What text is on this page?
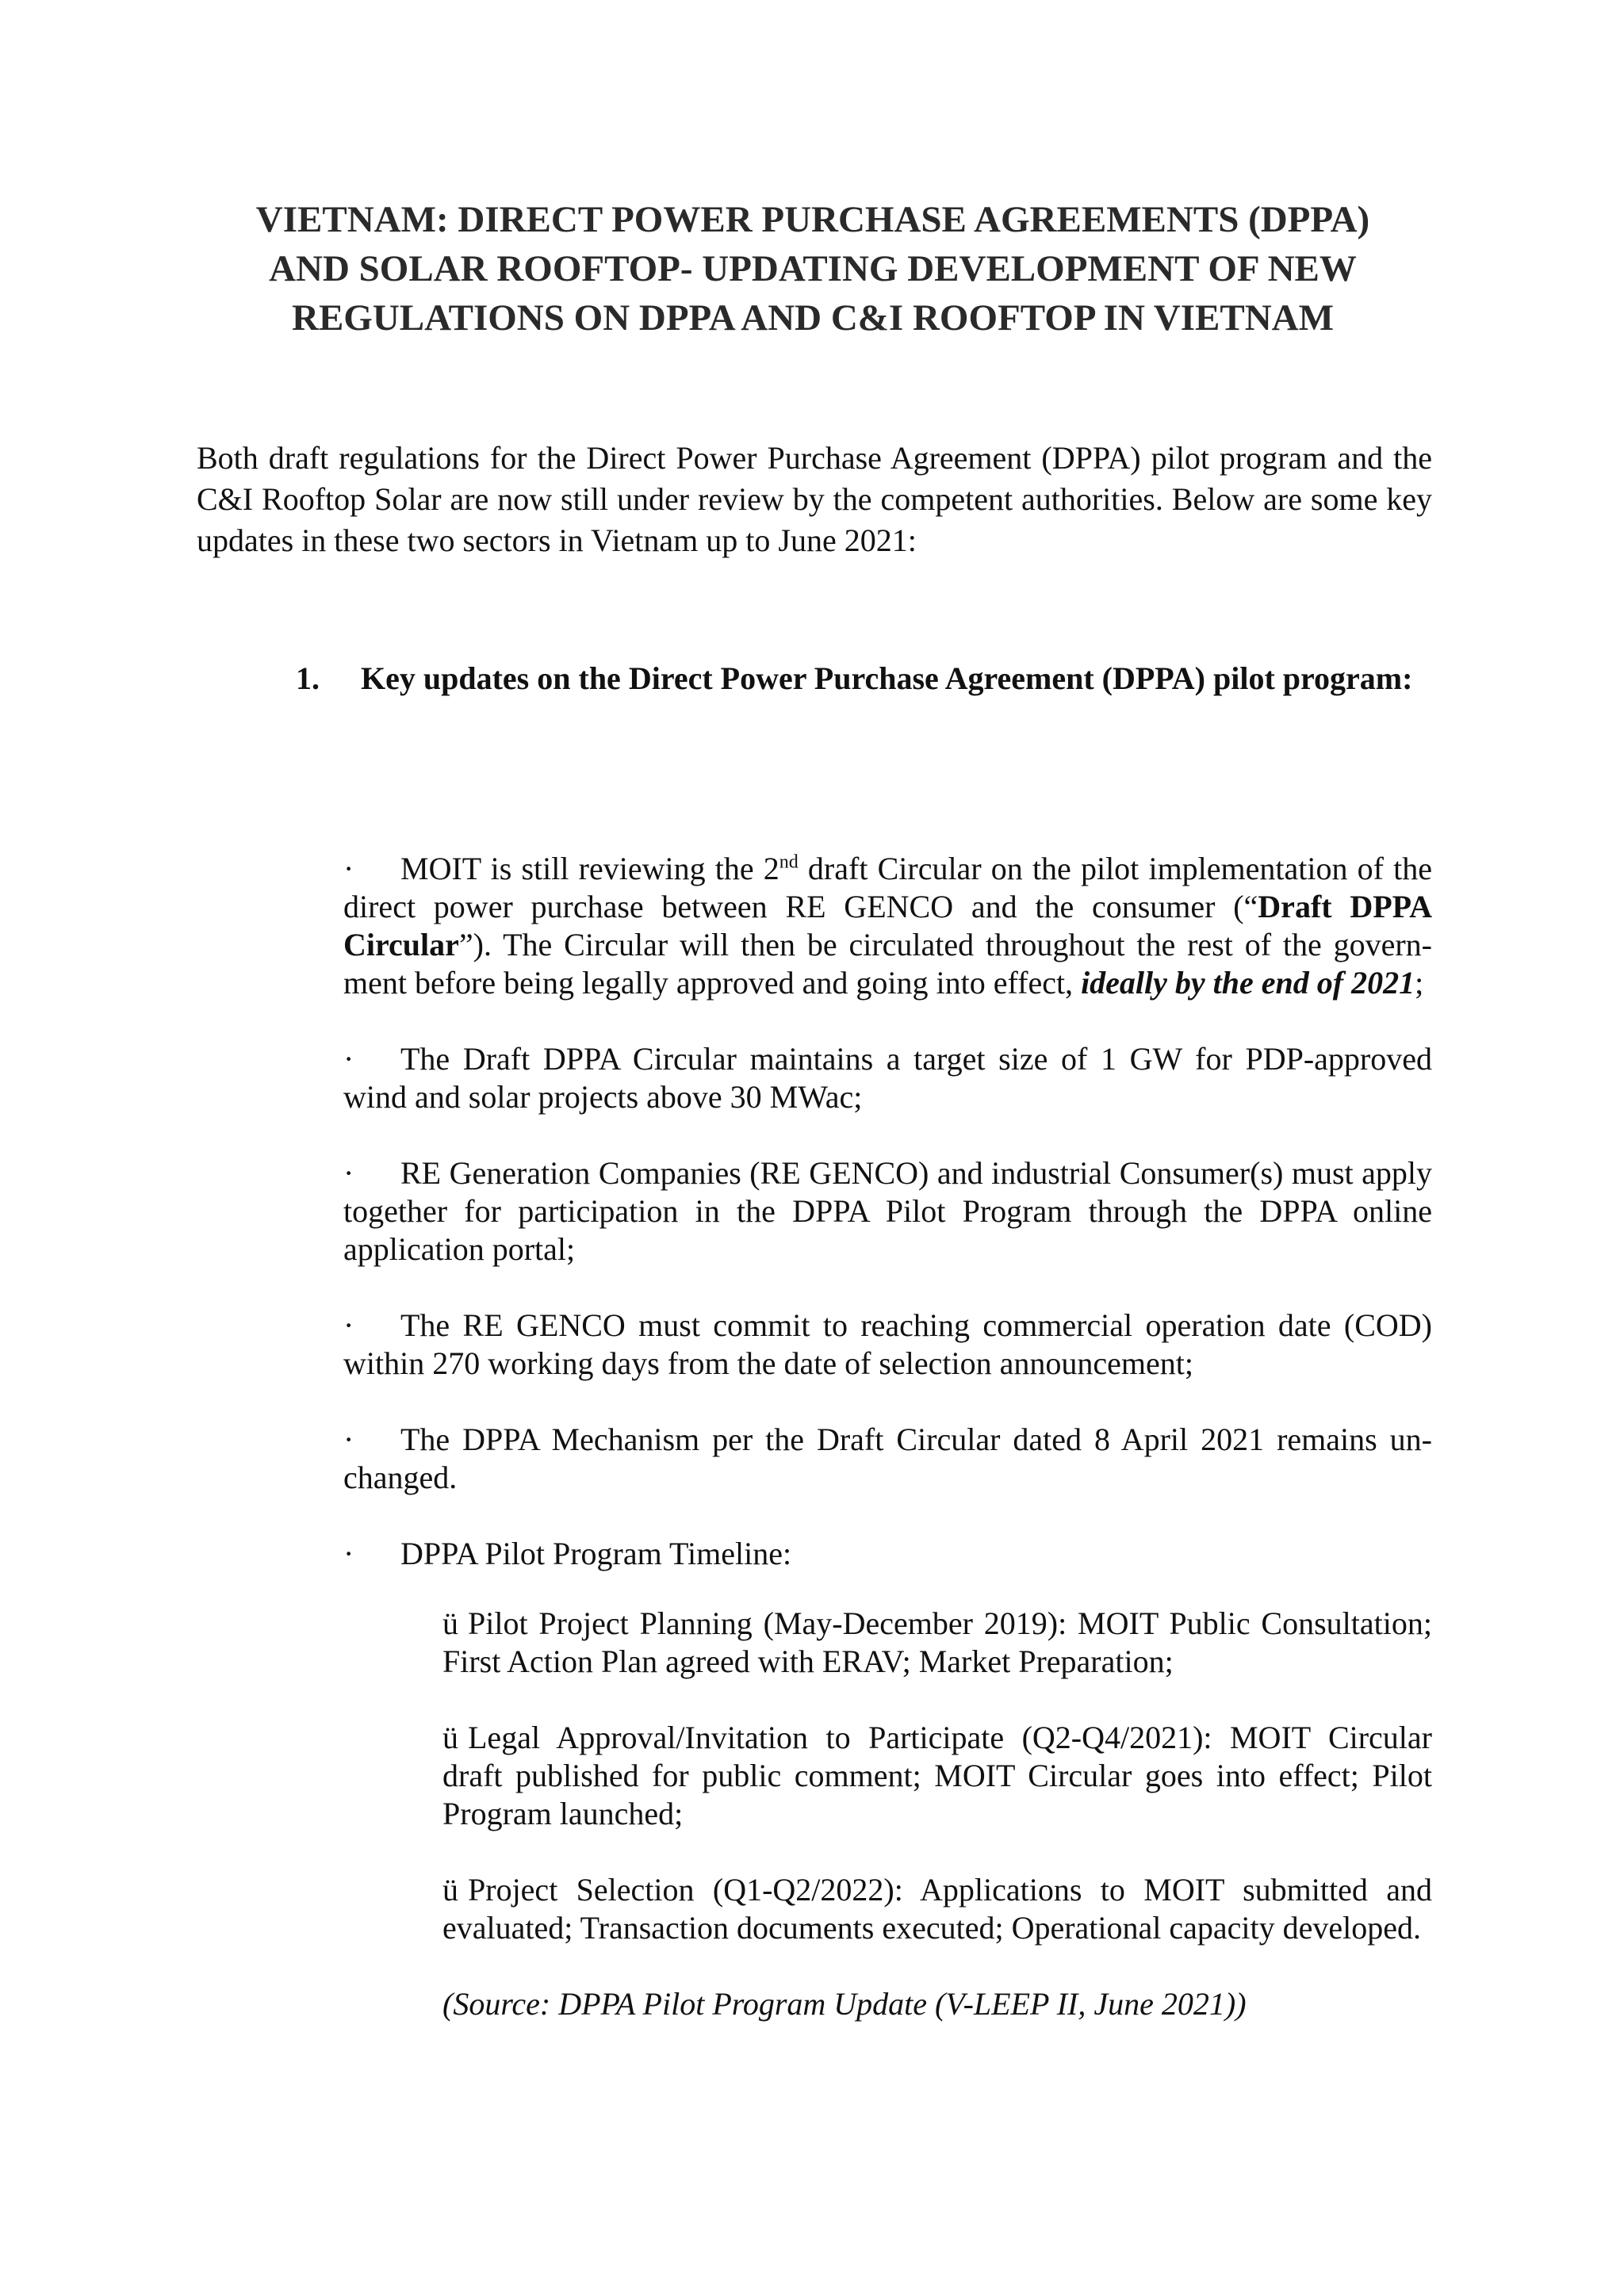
VIETNAM: DIRECT POWER PURCHASE AGREEMENTS (DPPA)
AND SOLAR ROOFTOP- UPDATING DEVELOPMENT OF NEW
REGULATIONS ON DPPA AND C&I ROOFTOP IN VIETNAM

Both draft regulations for the Direct Power Purchase Agreement (DPPA) pilot program and the C&I Rooftop Solar are now still under review by the competent authorities. Below are some key updates in these two sectors in Vietnam up to June 2021:

1. Key updates on the Direct Power Purchase Agreement (DPPA) pilot program:
· MOIT is still reviewing the 2nd draft Circular on the pilot implementation of the direct power purchase between RE GENCO and the consumer (“Draft DPPA Circular”). The Circular will then be circulated throughout the rest of the government before being legally approved and going into effect, ideally by the end of 2021;
· The Draft DPPA Circular maintains a target size of 1 GW for PDP-approved wind and solar projects above 30 MWac;
· RE Generation Companies (RE GENCO) and industrial Consumer(s) must apply together for participation in the DPPA Pilot Program through the DPPA online application portal;
· The RE GENCO must commit to reaching commercial operation date (COD) within 270 working days from the date of selection announcement;
· The DPPA Mechanism per the Draft Circular dated 8 April 2021 remains unchanged.
· DPPA Pilot Program Timeline:
ü Pilot Project Planning (May-December 2019): MOIT Public Consultation; First Action Plan agreed with ERAV; Market Preparation;
ü Legal Approval/Invitation to Participate (Q2-Q4/2021): MOIT Circular draft published for public comment; MOIT Circular goes into effect; Pilot Program launched;
ü Project Selection (Q1-Q2/2022): Applications to MOIT submitted and evaluated; Transaction documents executed; Operational capacity developed.

(Source: DPPA Pilot Program Update (V-LEEP II, June 2021))
